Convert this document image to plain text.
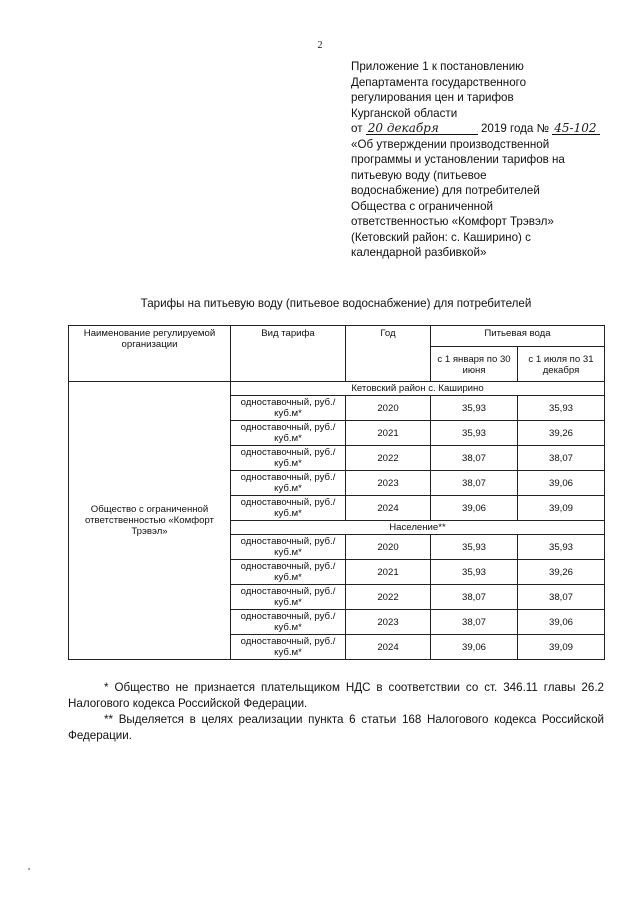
2
Приложение 1 к постановлению
Департамента государственного
регулирования цен и тарифов
Курганской области
от 20 декабря	2019 года № 45-102
«Об утверждении производственной
программы и установлении тарифов на
питьевую воду (питьевое
водоснабжение) для потребителей
Общества с ограниченной
ответственностью «Комфорт Трэвэл»
(Кетовский район: с. Каширино) с
календарной разбивкой»
Тарифы на питьевую воду (питьевое водоснабжение) для потребителей
Наименование регулируемой организации	Вид тарифа	Год	Питьевая вода	
			с 1 января по 30 июня	с 1 июля по 31 декабря
Общество с ограниченной ответственностью «Комфорт Трэвэл»	Кетовский район с. Каширино			
	одноставочный, руб./куб.м*	2020	35,93	35,93
	одноставочный, руб./куб.м*	2021	35,93	39,26
	одноставочный, руб./куб.м*	2022	38,07	38,07
	одноставочный, руб./куб.м*	2023	38,07	39,06
	одноставочный, руб./куб.м*	2024	39,06	39,09
	Население**			
	одноставочный, руб./куб.м*	2020	35,93	35,93
	одноставочный, руб./куб.м*	2021	35,93	39,26
	одноставочный, руб./куб.м*	2022	38,07	38,07
	одноставочный, руб./куб.м*	2023	38,07	39,06
	одноставочный, руб./куб.м*	2024	39,06	39,09

* Общество не признается плательщиком НДС в соответствии со ст. 346.11 главы 26.2 Налогового кодекса Российской Федерации.

** Выделяется в целях реализации пункта 6 статьи 168 Налогового кодекса Российской Федерации.
